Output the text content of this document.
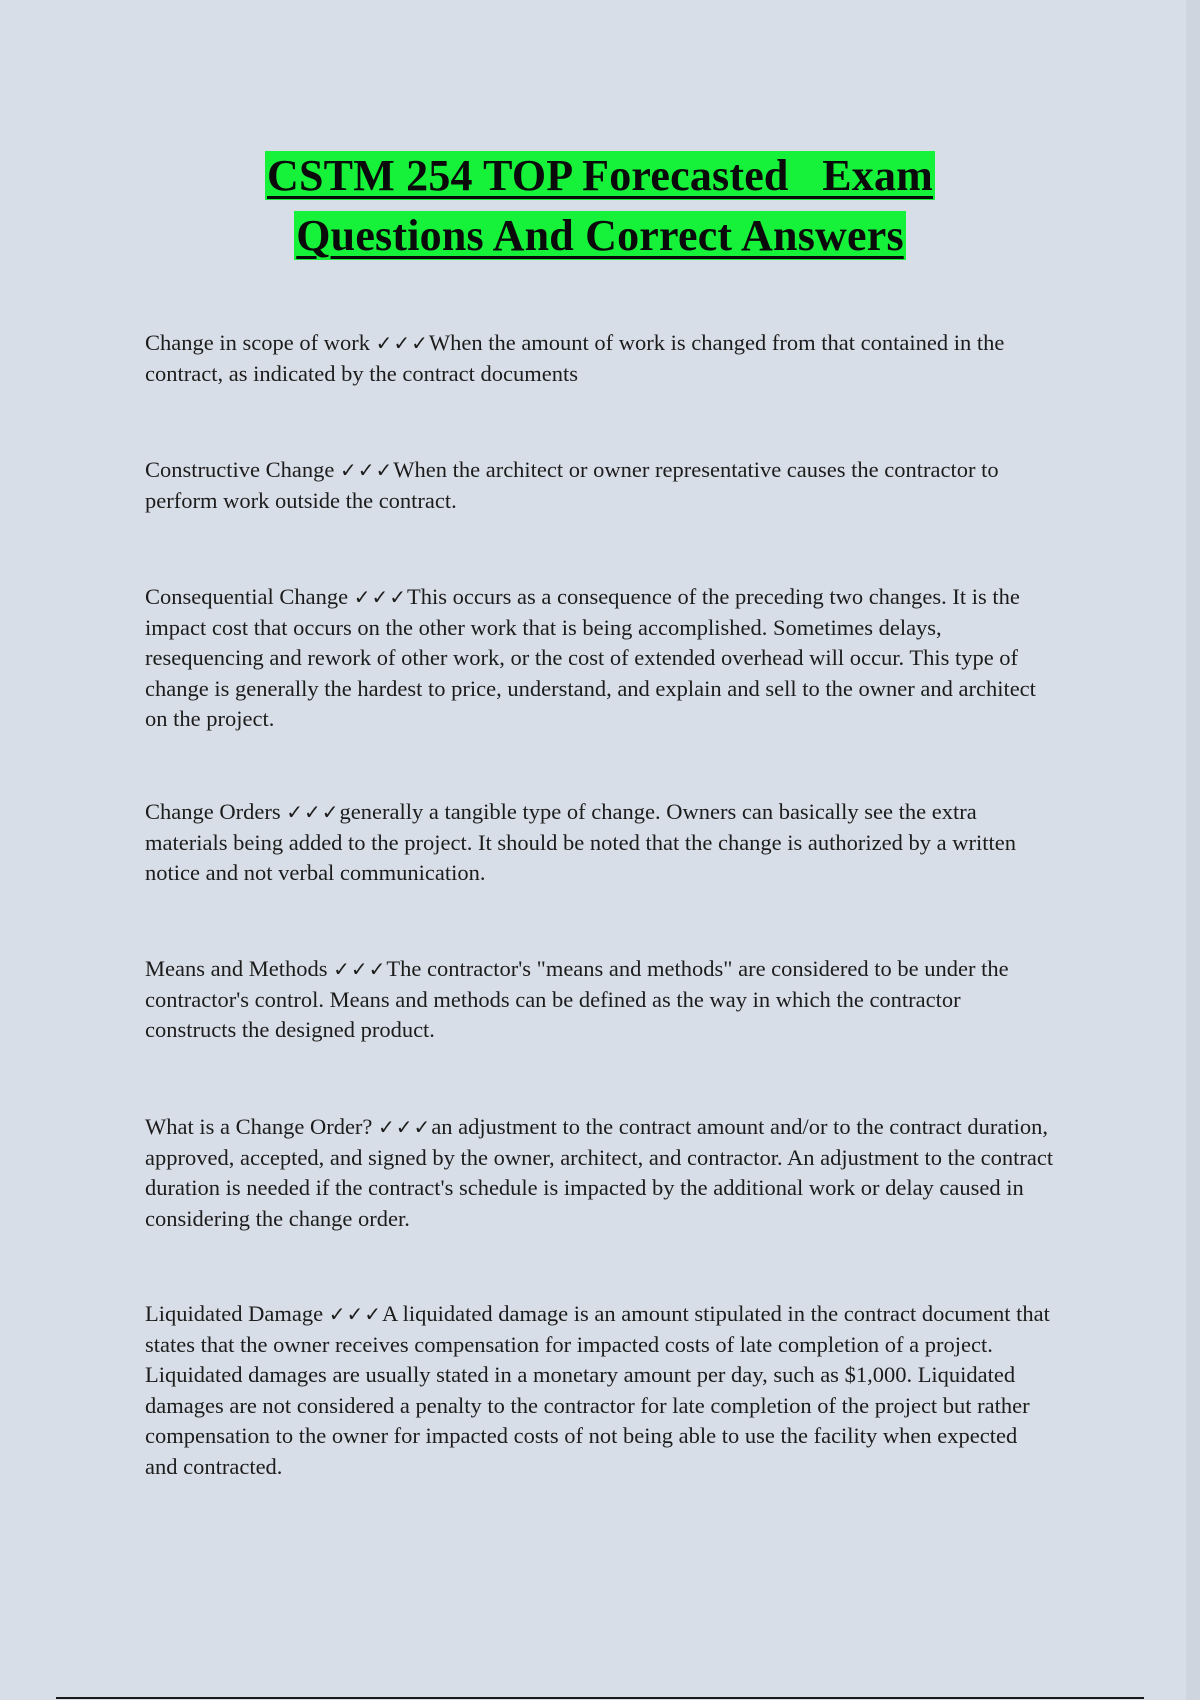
CSTM 254 TOP Forecasted   Exam
Questions And Correct Answers

Change in scope of work ✓✓✓When the amount of work is changed from that contained in the contract, as indicated by the contract documents

Constructive Change ✓✓✓When the architect or owner representative causes the contractor to perform work outside the contract.

Consequential Change ✓✓✓This occurs as a consequence of the preceding two changes. It is the impact cost that occurs on the other work that is being accomplished. Sometimes delays, resequencing and rework of other work, or the cost of extended overhead will occur. This type of change is generally the hardest to price, understand, and explain and sell to the owner and architect on the project.

Change Orders ✓✓✓generally a tangible type of change. Owners can basically see the extra materials being added to the project. It should be noted that the change is authorized by a written notice and not verbal communication.

Means and Methods ✓✓✓The contractor's "means and methods" are considered to be under the contractor's control. Means and methods can be defined as the way in which the contractor constructs the designed product.

What is a Change Order? ✓✓✓an adjustment to the contract amount and/or to the contract duration, approved, accepted, and signed by the owner, architect, and contractor. An adjustment to the contract duration is needed if the contract's schedule is impacted by the additional work or delay caused in considering the change order.

Liquidated Damage ✓✓✓A liquidated damage is an amount stipulated in the contract document that states that the owner receives compensation for impacted costs of late completion of a project. Liquidated damages are usually stated in a monetary amount per day, such as $1,000. Liquidated damages are not considered a penalty to the contractor for late completion of the project but rather compensation to the owner for impacted costs of not being able to use the facility when expected and contracted.
